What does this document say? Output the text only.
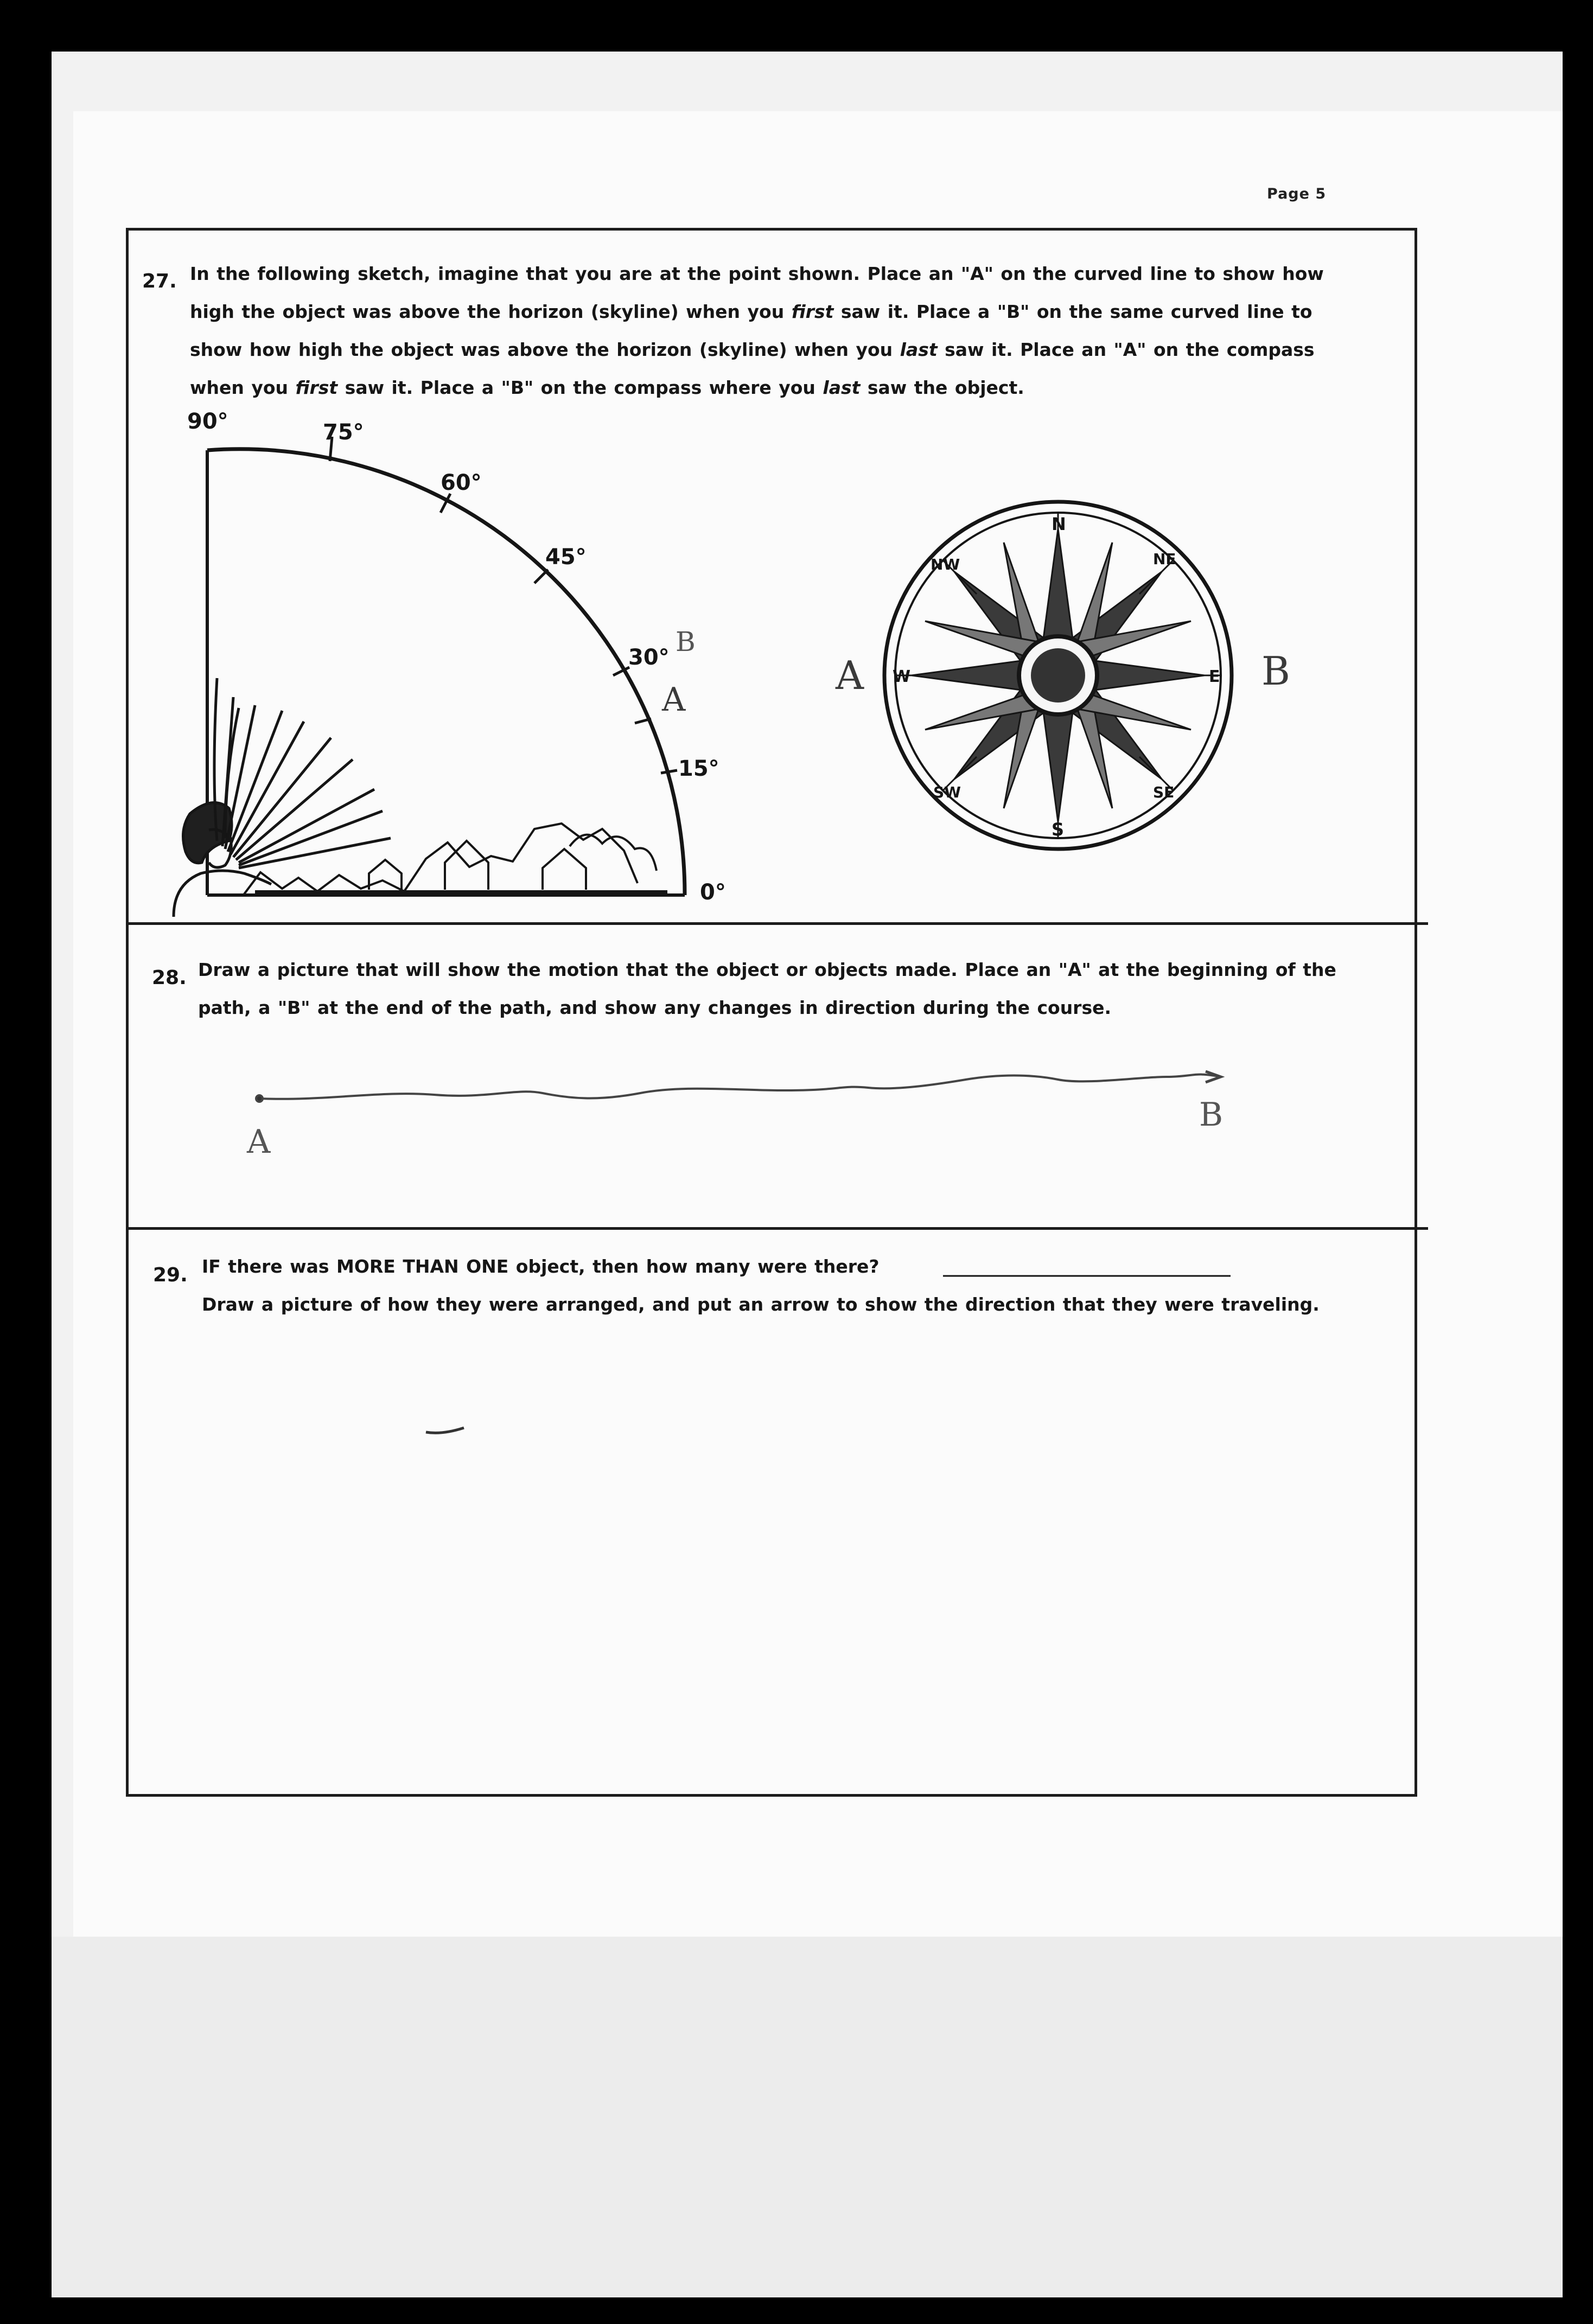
Page 5
27. In the following sketch, imagine that you are at the point shown. Place an "A" on the curved line to show how

high the object was above the horizon (skyline) when you first saw it. Place a "B" on the same curved line to

show how high the object was above the horizon (skyline) when you last saw it. Place an "A" on the compass

when you first saw it. Place a "B" on the compass where you last saw the object.

90°	75°
60°
45°
30°
15°
0°
B
A
N
NE
E
SE
S
SW
W
NW
A	B
A
B
28. Draw a picture that will show the motion that the object or objects made. Place an "A" at the beginning of the

path, a "B" at the end of the path, and show any changes in direction during the course.

29. IF there was MORE THAN ONE object, then how many were there?

Draw a picture of how they were arranged, and put an arrow to show the direction that they were traveling.
